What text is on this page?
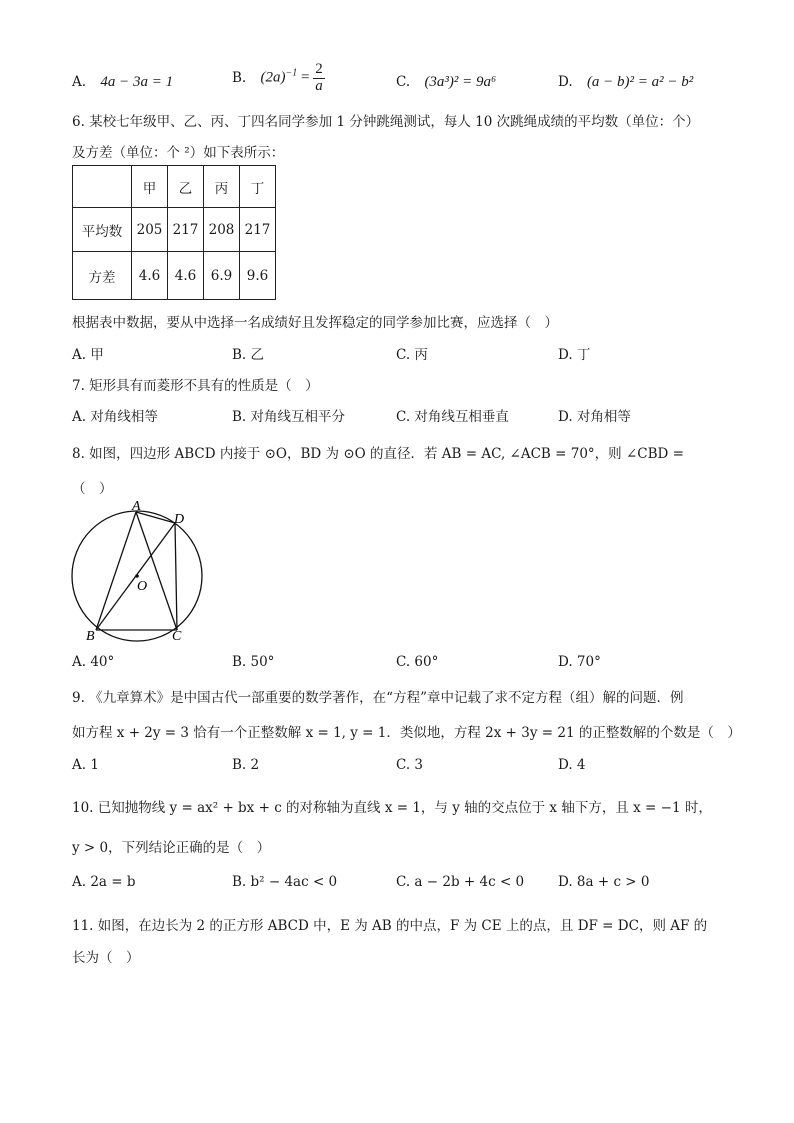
A. 4a − 3a = 1	B. $(2a)^{-1} = \frac{2}{a}$	C. (3a³)² = 9a⁶	D. (a − b)² = a² − b²
6. 某校七年级甲、乙、丙、丁四名同学参加 1 分钟跳绳测试，每人 10 次跳绳成绩的平均数（单位：个）
及方差（单位：个 ²）如下表所示：
	甲	乙	丙	丁
平均数	205	217	208	217
方差	4.6	4.6	6.9	9.6
根据表中数据，要从中选择一名成绩好且发挥稳定的同学参加比赛，应选择（　）
A. 甲	B. 乙	C. 丙	D. 丁
7. 矩形具有而菱形不具有的性质是（　）
A. 对角线相等	B. 对角线互相平分	C. 对角线互相垂直	D. 对角相等
8. 如图，四边形 ABCD 内接于 ⊙O，BD 为 ⊙O 的直径．若 AB = AC, ∠ACB = 70°，则 ∠CBD =
（　）
A
D
O
B	C
A. 40°	B. 50°	C. 60°	D. 70°
9. 《九章算术》是中国古代一部重要的数学著作，在“方程”章中记载了求不定方程（组）解的问题．例
如方程 x + 2y = 3 恰有一个正整数解 x = 1, y = 1．类似地，方程 2x + 3y = 21 的正整数解的个数是（　）
A. 1	B. 2	C. 3	D. 4
10. 已知抛物线 y = ax² + bx + c 的对称轴为直线 x = 1，与 y 轴的交点位于 x 轴下方，且 x = −1 时，
y > 0，下列结论正确的是（　）
A. 2a = b	B. b² − 4ac < 0	C. a − 2b + 4c < 0	D. 8a + c > 0
11. 如图，在边长为 2 的正方形 ABCD 中，E 为 AB 的中点，F 为 CE 上的点，且 DF = DC，则 AF 的
长为（　）
